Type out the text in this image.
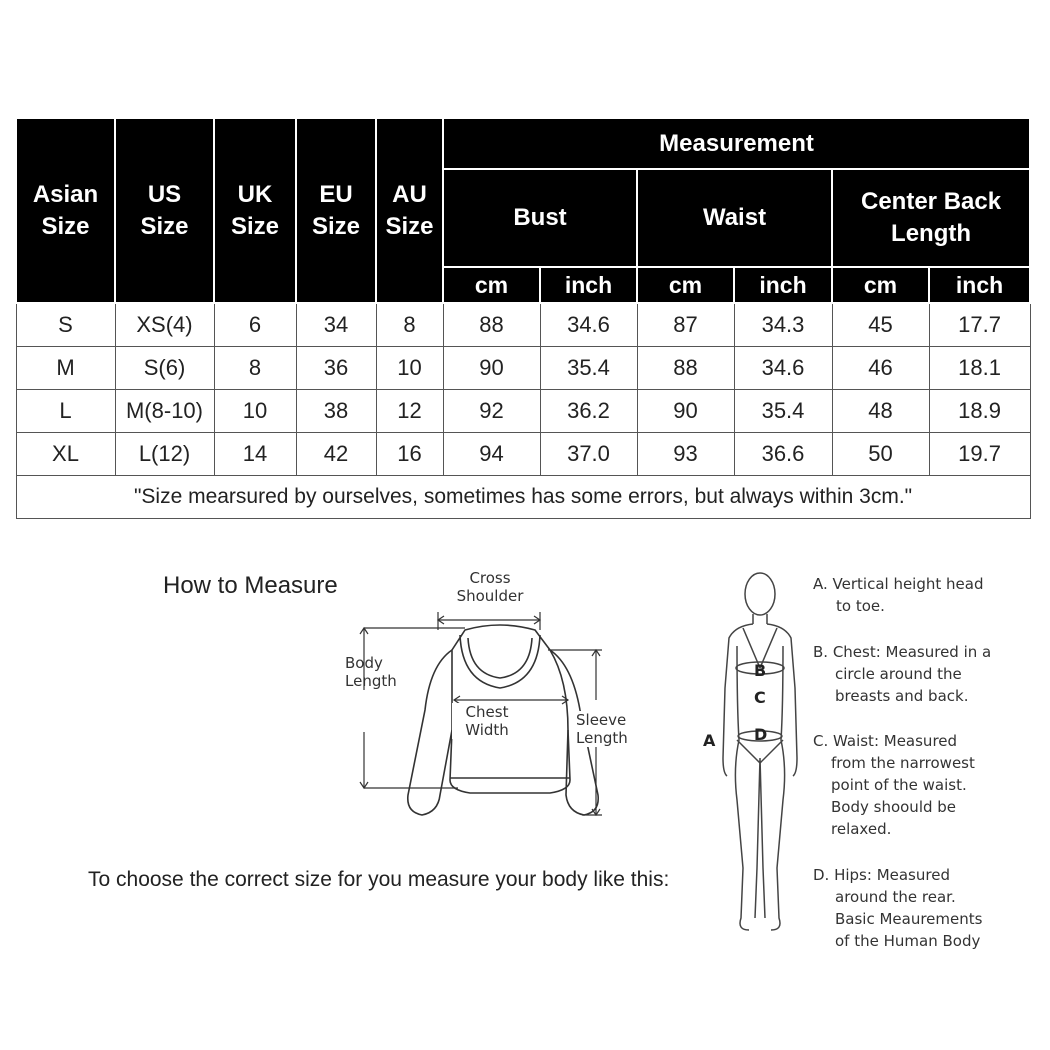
Asian Size	US Size	UK Size	EU Size	AU Size	Measurement					
					Bust		Waist		Center Back Length	
					cm	inch	cm	inch	cm	inch
S	XS(4)	6	34	8	88	34.6	87	34.3	45	17.7
M	S(6)	8	36	10	90	35.4	88	34.6	46	18.1
L	M(8-10)	10	38	12	92	36.2	90	35.4	48	18.9
XL	L(12)	14	42	16	94	37.0	93	36.6	50	19.7
"Size mearsured by ourselves, sometimes has some errors, but always within 3cm."										
How to Measure	Cross
Shoulder
Body
Length
Chest
Width
Sleeve
Length
To choose the correct size for you measure your body like this:
A
B
C
D
A. Vertical height head
to toe.
B. Chest: Measured in a
circle around the
breasts and back.
C. Waist: Measured
from the narrowest
point of the waist.
Body shoould be
relaxed.
D. Hips: Measured
around the rear.
Basic Meaurements
of the Human Body
